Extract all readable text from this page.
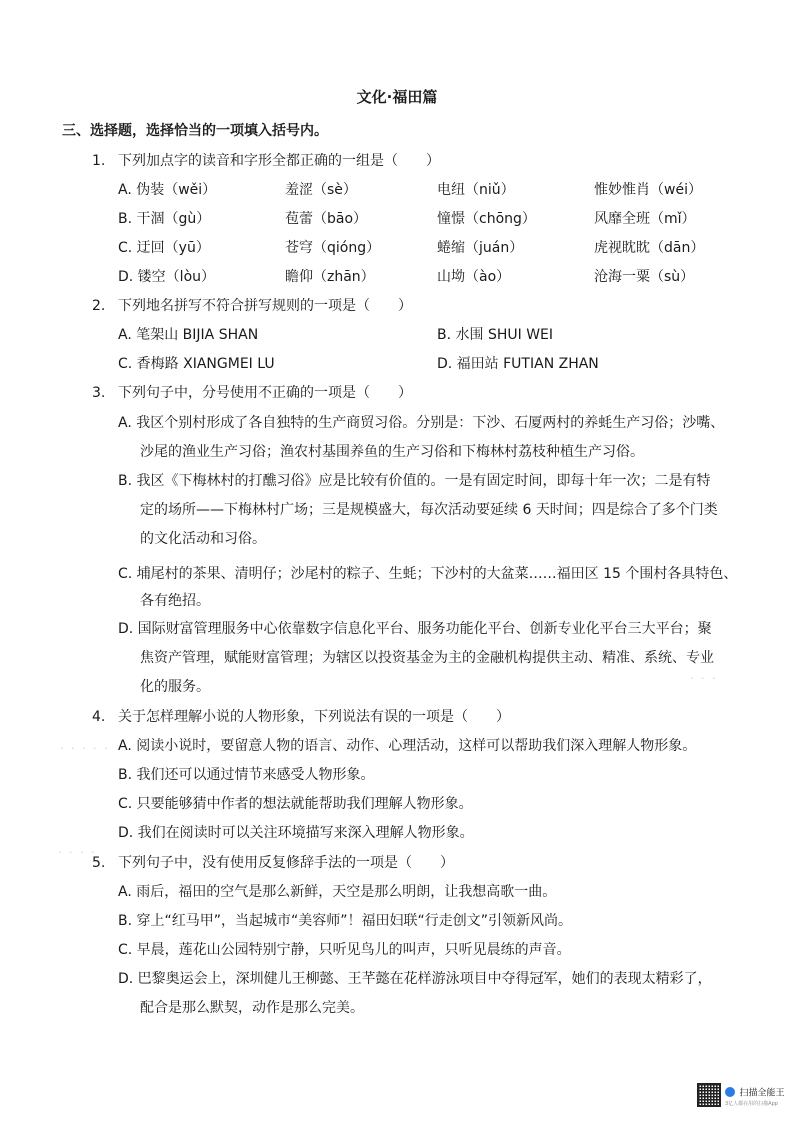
文化·福田篇
三、选择题，选择恰当的一项填入括号内。
1. 下列加点字的读音和字形全都正确的一组是（　　）
A. 伪装（wěi）	羞涩（sè）	电纽（niǔ）	惟妙惟肖（wéi）
B. 干涸（gù）	苞蕾（bāo）	憧憬（chōng）	风靡全班（mǐ）
C. 迂回（yū）	苍穹（qióng）	蜷缩（juán）	虎视眈眈（dān）
D. 镂空（lòu）	瞻仰（zhān）	山坳（ào）	沧海一粟（sù）
2. 下列地名拼写不符合拼写规则的一项是（　　）
A. 笔架山 BIJIA SHAN	B. 水围 SHUI WEI
C. 香梅路 XIANGMEI LU	D. 福田站 FUTIAN ZHAN
3. 下列句子中，分号使用不正确的一项是（　　）
A. 我区个别村形成了各自独特的生产商贸习俗。分别是：下沙、石厦两村的养蚝生产习俗；沙嘴、
沙尾的渔业生产习俗；渔农村基围养鱼的生产习俗和下梅林村荔枝种植生产习俗。
B. 我区《下梅林村的打醮习俗》应是比较有价值的。一是有固定时间，即每十年一次；二是有特
定的场所——下梅林村广场；三是规模盛大，每次活动要延续 6 天时间；四是综合了多个门类
的文化活动和习俗。
C. 埔尾村的茶果、清明仔；沙尾村的粽子、生蚝；下沙村的大盆菜……福田区 15 个围村各具特色、
各有绝招。
D. 国际财富管理服务中心依靠数字信息化平台、服务功能化平台、创新专业化平台三大平台；聚
焦资产管理，赋能财富管理；为辖区以投资基金为主的金融机构提供主动、精准、系统、专业
化的服务。
4. 关于怎样理解小说的人物形象，下列说法有误的一项是（　　）
A. 阅读小说时，要留意人物的语言、动作、心理活动，这样可以帮助我们深入理解人物形象。
B. 我们还可以通过情节来感受人物形象。
C. 只要能够猜中作者的想法就能帮助我们理解人物形象。
D. 我们在阅读时可以关注环境描写来深入理解人物形象。
5. 下列句子中，没有使用反复修辞手法的一项是（　　）
A. 雨后，福田的空气是那么新鲜，天空是那么明朗，让我想高歌一曲。
B. 穿上“红马甲”，当起城市“美容师”！福田妇联“行走创文”引领新风尚。
C. 早晨，莲花山公园特别宁静，只听见鸟儿的叫声，只听见晨练的声音。
D. 巴黎奥运会上，深圳健儿王柳懿、王芊懿在花样游泳项目中夺得冠军，她们的表现太精彩了，
配合是那么默契，动作是那么完美。
· · · · ·
· · · ·
· · ·
扫描全能王
3亿人都在用的扫描App
